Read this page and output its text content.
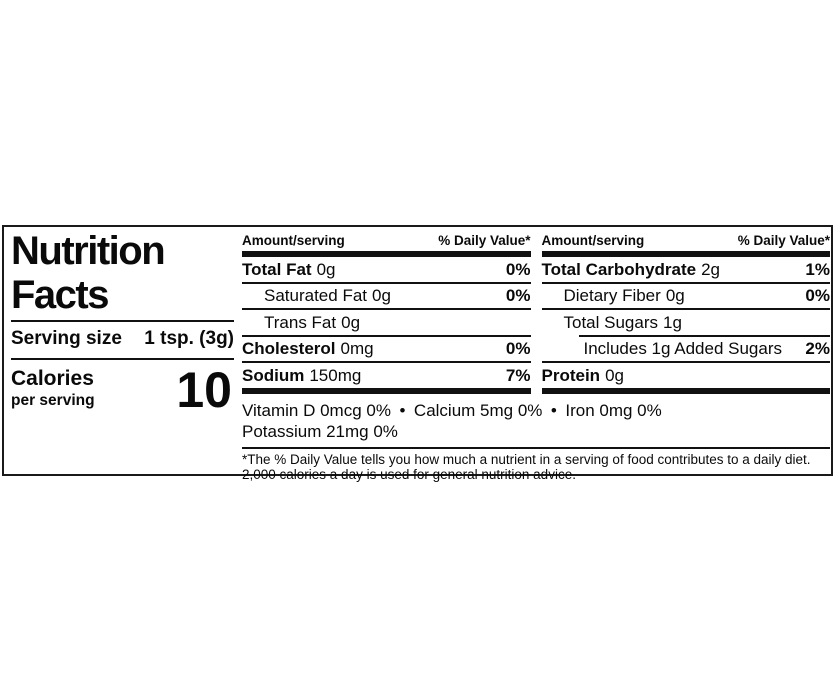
Nutrition
Facts
Serving size 1 tsp. (3g)
Calories
per serving 10
Amount/serving	% Daily Value*
Total Fat 0g	0%
Saturated Fat 0g	0%
Trans Fat 0g
Cholesterol 0mg	0%
Sodium 150mg	7%
Amount/serving	% Daily Value*
Total Carbohydrate 2g	1%
Dietary Fiber 0g	0%
Total Sugars 1g
Includes 1g Added Sugars	2%
Protein 0g
Vitamin D 0mcg 0% • Calcium 5mg 0% • Iron 0mg 0%
Potassium 21mg 0%
*The % Daily Value tells you how much a nutrient in a serving of food contributes to a daily diet. 2,000 calories a day is used for general nutrition advice.
